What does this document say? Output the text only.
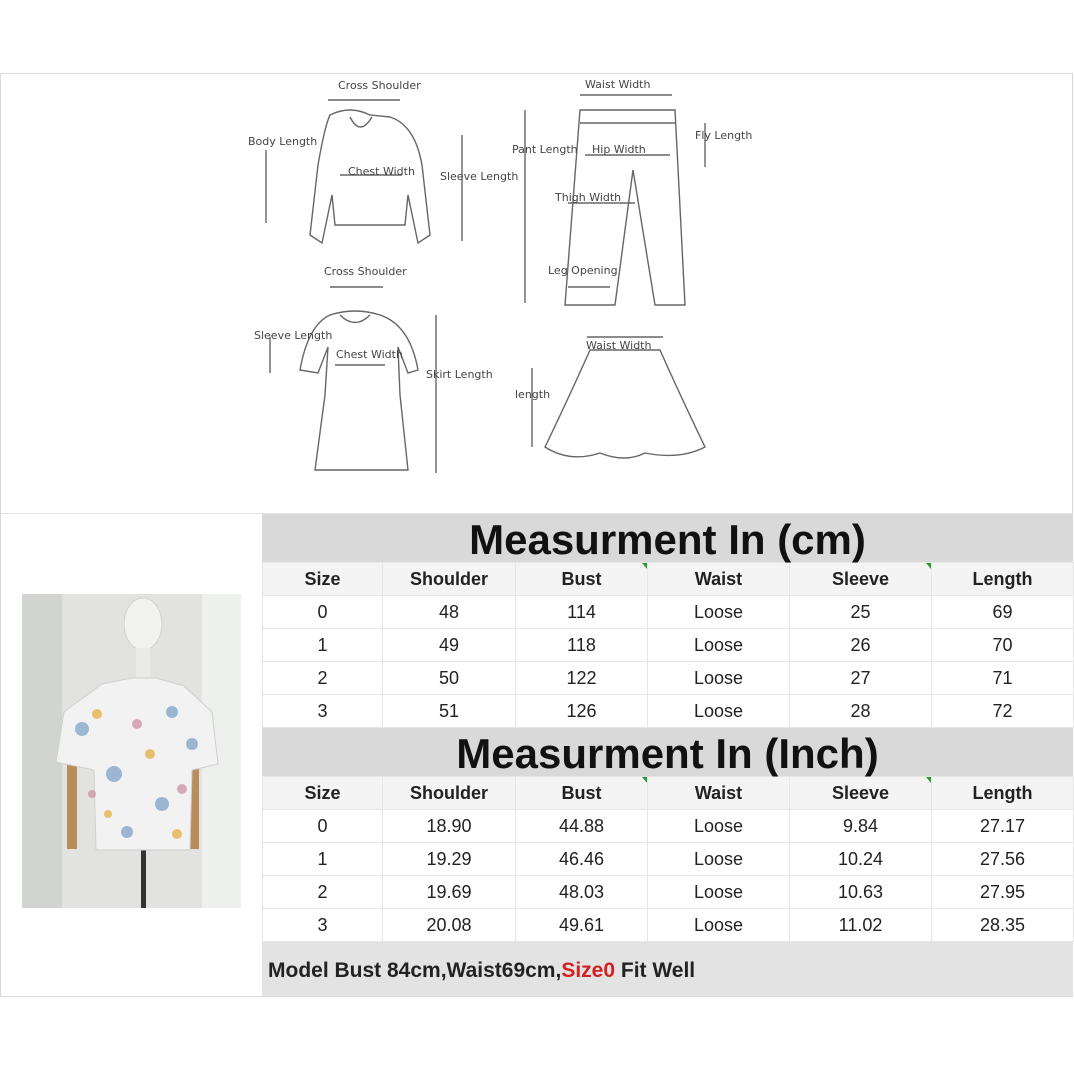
Cross Shoulder
Body Length
Chest Width Sleeve Length
Waist Width
Pant Length Hip Width
Fly Length
Thigh Width
Leg Opening
Cross Shoulder
Sleeve Length
Chest Width
Skirt Length
Waist Width
length
Measurment In (cm)
Size	Shoulder	Bust	Waist	Sleeve	Length
0	48	114	Loose	25	69
1	49	118	Loose	26	70
2	50	122	Loose	27	71
3	51	126	Loose	28	72
Measurment In (Inch)
Size	Shoulder	Bust	Waist	Sleeve	Length
0	18.90	44.88	Loose	9.84	27.17
1	19.29	46.46	Loose	10.24	27.56
2	19.69	48.03	Loose	10.63	27.95
3	20.08	49.61	Loose	11.02	28.35
Model Bust 84cm,Waist69cm,Size0 Fit Well
